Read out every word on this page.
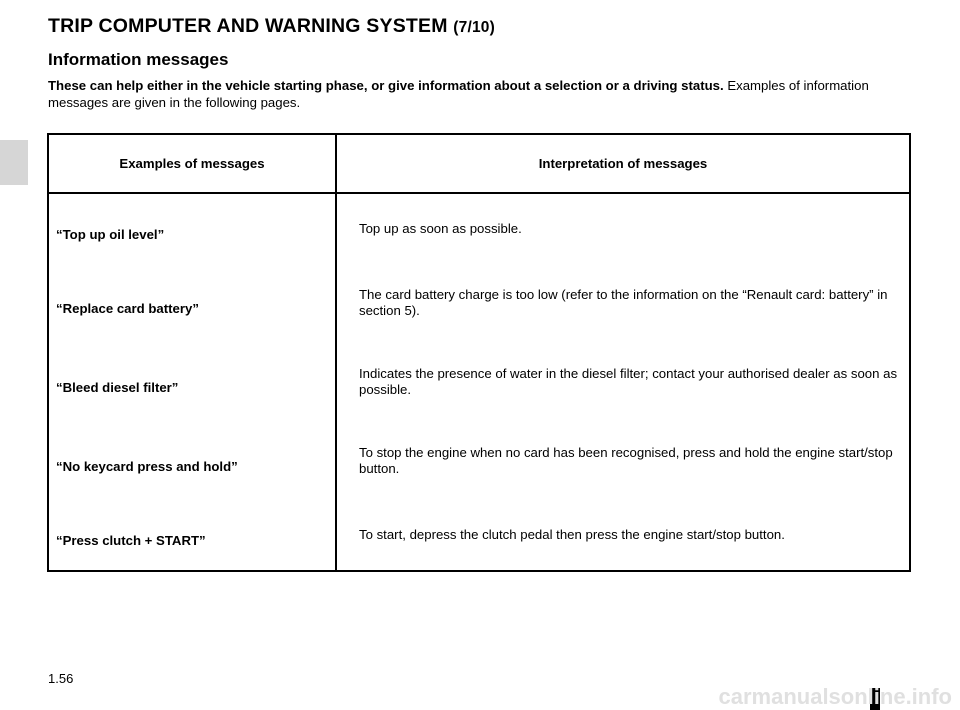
TRIP COMPUTER AND WARNING SYSTEM (7/10)
Information messages
These can help either in the vehicle starting phase, or give information about a selection or a driving status. Examples of information messages are given in the following pages.
Examples of messages	Interpretation of messages
“Top up oil level”	Top up as soon as possible.
“Replace card battery”	The card battery charge is too low (refer to the information on the “Renault card: battery” in section 5).
“Bleed diesel filter”	Indicates the presence of water in the diesel filter; contact your authorised dealer as soon as possible.
“No keycard press and hold”	To stop the engine when no card has been recognised, press and hold the engine start/stop button.
“Press clutch + START”	To start, depress the clutch pedal then press the engine start/stop button.
1.56
carmanualsonline.info
